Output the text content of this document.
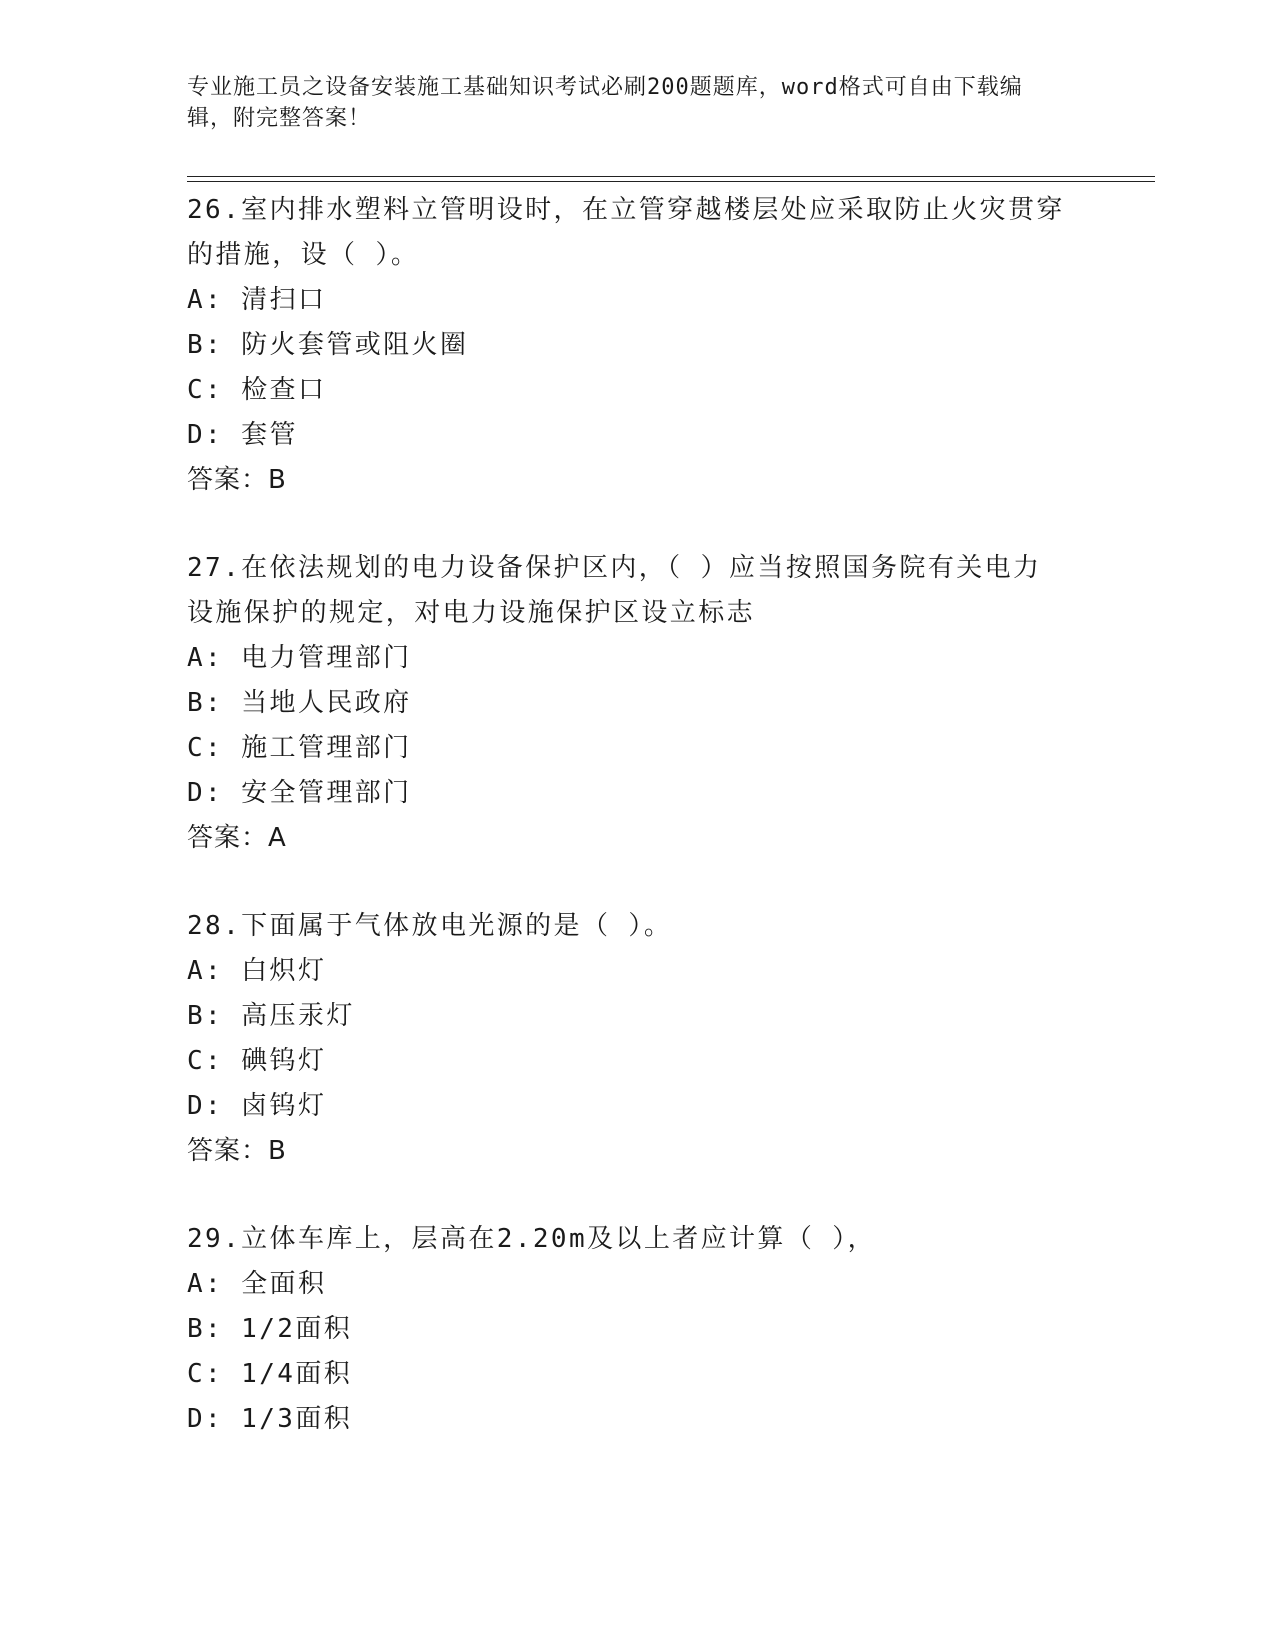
专业施工员之设备安装施工基础知识考试必刷200题题库，word格式可自由下载编辑，附完整答案！
26.室内排水塑料立管明设时，在立管穿越楼层处应采取防止火灾贯穿的措施，设（ ）。
A: 清扫口
B: 防火套管或阻火圈
C: 检查口
D: 套管
答案：B
27.在依法规划的电力设备保护区内，（ ）应当按照国务院有关电力设施保护的规定，对电力设施保护区设立标志
A: 电力管理部门
B: 当地人民政府
C: 施工管理部门
D: 安全管理部门
答案：A
28.下面属于气体放电光源的是（ ）。
A: 白炽灯
B: 高压汞灯
C: 碘钨灯
D: 卤钨灯
答案：B
29.立体车库上，层高在2.20m及以上者应计算（ ），
A: 全面积
B: 1/2面积
C: 1/4面积
D: 1/3面积
